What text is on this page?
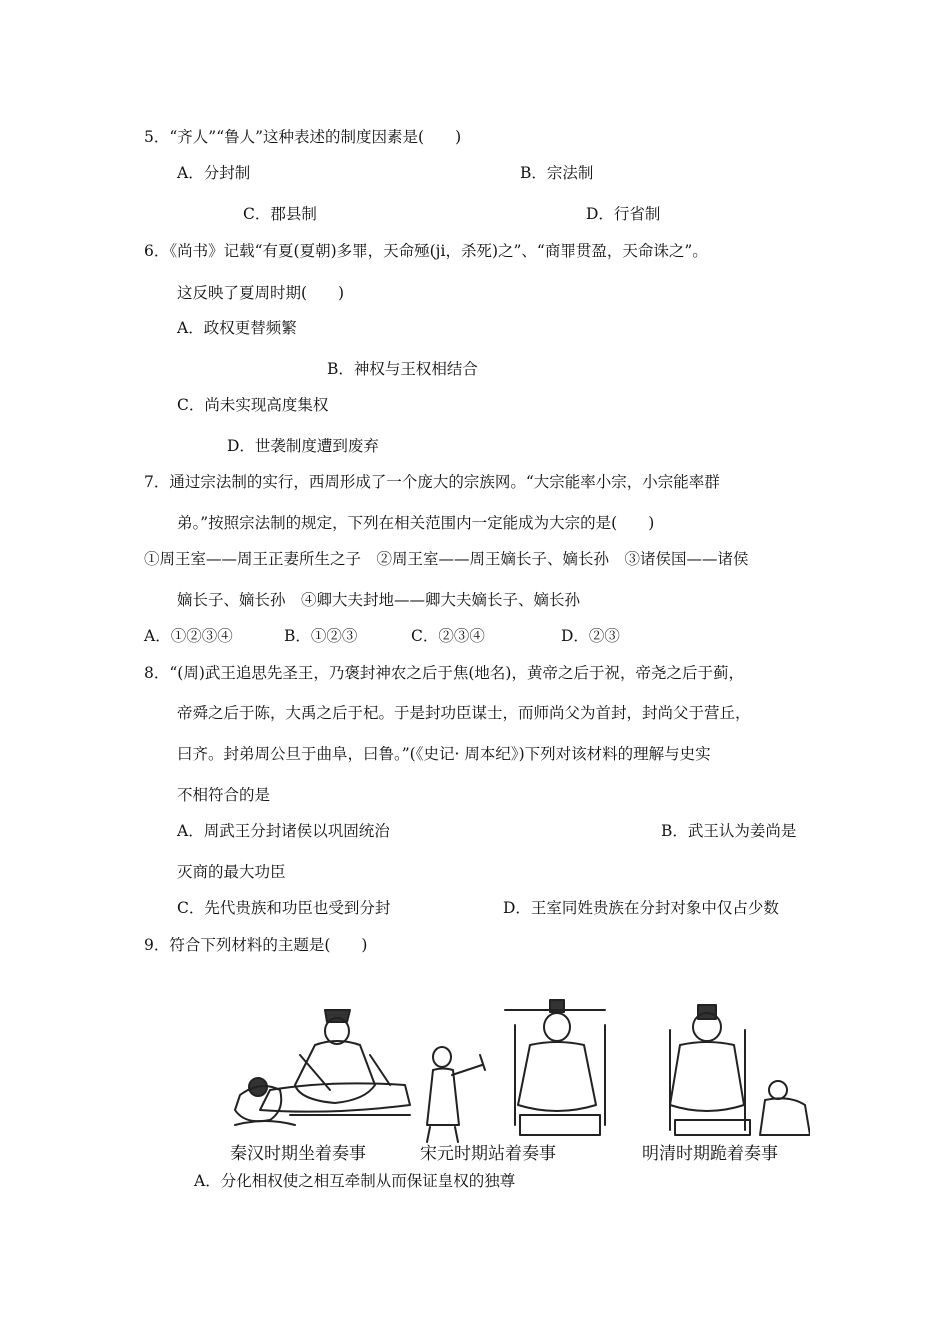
5．“齐人”“鲁人”这种表述的制度因素是(　　)
A．分封制	B．宗法制
C．郡县制	D．行省制
6．《尚书》记载“有夏(夏朝)多罪，天命殛(ji，杀死)之”、“商罪贯盈，天命诛之”。
这反映了夏周时期(　　)
A．政权更替频繁
B．神权与王权相结合
C．尚未实现高度集权
D．世袭制度遭到废弃
7．通过宗法制的实行，西周形成了一个庞大的宗族网。“大宗能率小宗，小宗能率群
弟。”按照宗法制的规定，下列在相关范围内一定能成为大宗的是(　　)
①周王室——周王正妻所生之子　②周王室——周王嫡长子、嫡长孙　③诸侯国——诸侯
嫡长子、嫡长孙　④卿大夫封地——卿大夫嫡长子、嫡长孙
A．①②③④	B．①②③	C．②③④	D．②③
8．“(周)武王追思先圣王，乃褒封神农之后于焦(地名)，黄帝之后于祝，帝尧之后于蓟，
帝舜之后于陈，大禹之后于杞。于是封功臣谋士，而师尚父为首封，封尚父于营丘，
曰齐。封弟周公旦于曲阜，曰鲁。”(《史记· 周本纪》)下列对该材料的理解与史实
不相符合的是
A．周武王分封诸侯以巩固统治	B．武王认为姜尚是
灭商的最大功臣
C．先代贵族和功臣也受到分封	D．王室同姓贵族在分封对象中仅占少数
9．符合下列材料的主题是(　　)
秦汉时期坐着奏事	宋元时期站着奏事	明清时期跪着奏事
A．分化相权使之相互牵制从而保证皇权的独尊
